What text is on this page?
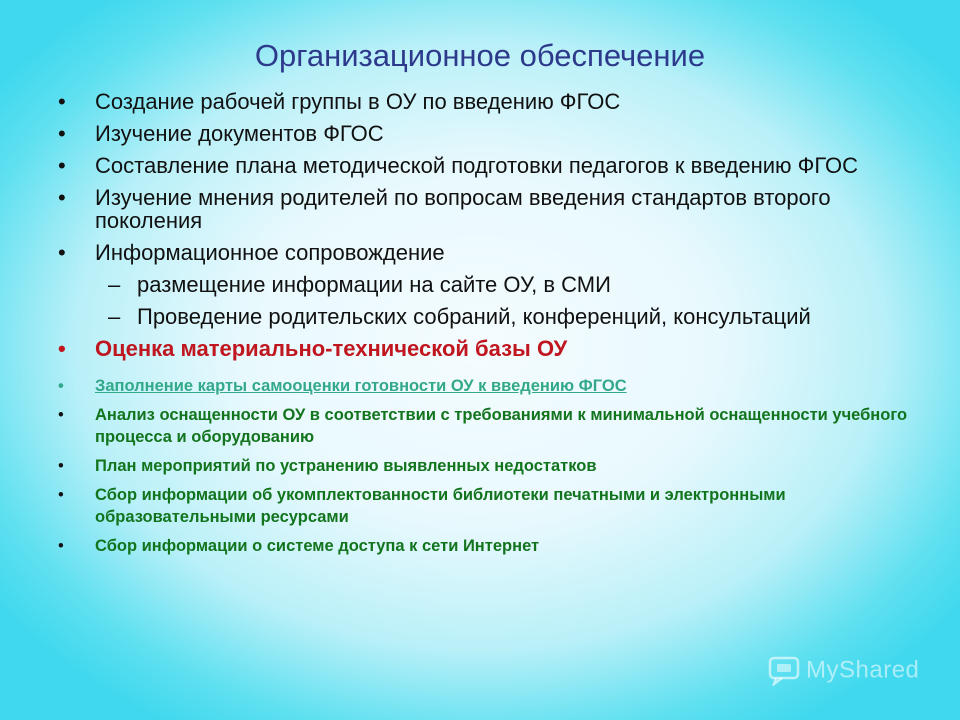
Организационное обеспечение
• Создание рабочей группы в ОУ по введению ФГОС
• Изучение документов ФГОС
• Составление плана методической подготовки педагогов к введению ФГОС
• Изучение мнения родителей по вопросам введения стандартов второго поколения
• Информационное сопровождение
– размещение информации на сайте ОУ, в СМИ
– Проведение родительских собраний, конференций, консультаций
• Оценка материально-технической базы ОУ
• Заполнение карты самооценки готовности ОУ к введению ФГОС
• Анализ оснащенности ОУ в соответствии с требованиями к минимальной оснащенности учебного процесса и оборудованию
• План мероприятий по устранению выявленных недостатков
• Сбор информации об укомплектованности библиотеки печатными и электронными образовательными ресурсами
• Сбор информации о системе доступа к сети Интернет
MyShared
